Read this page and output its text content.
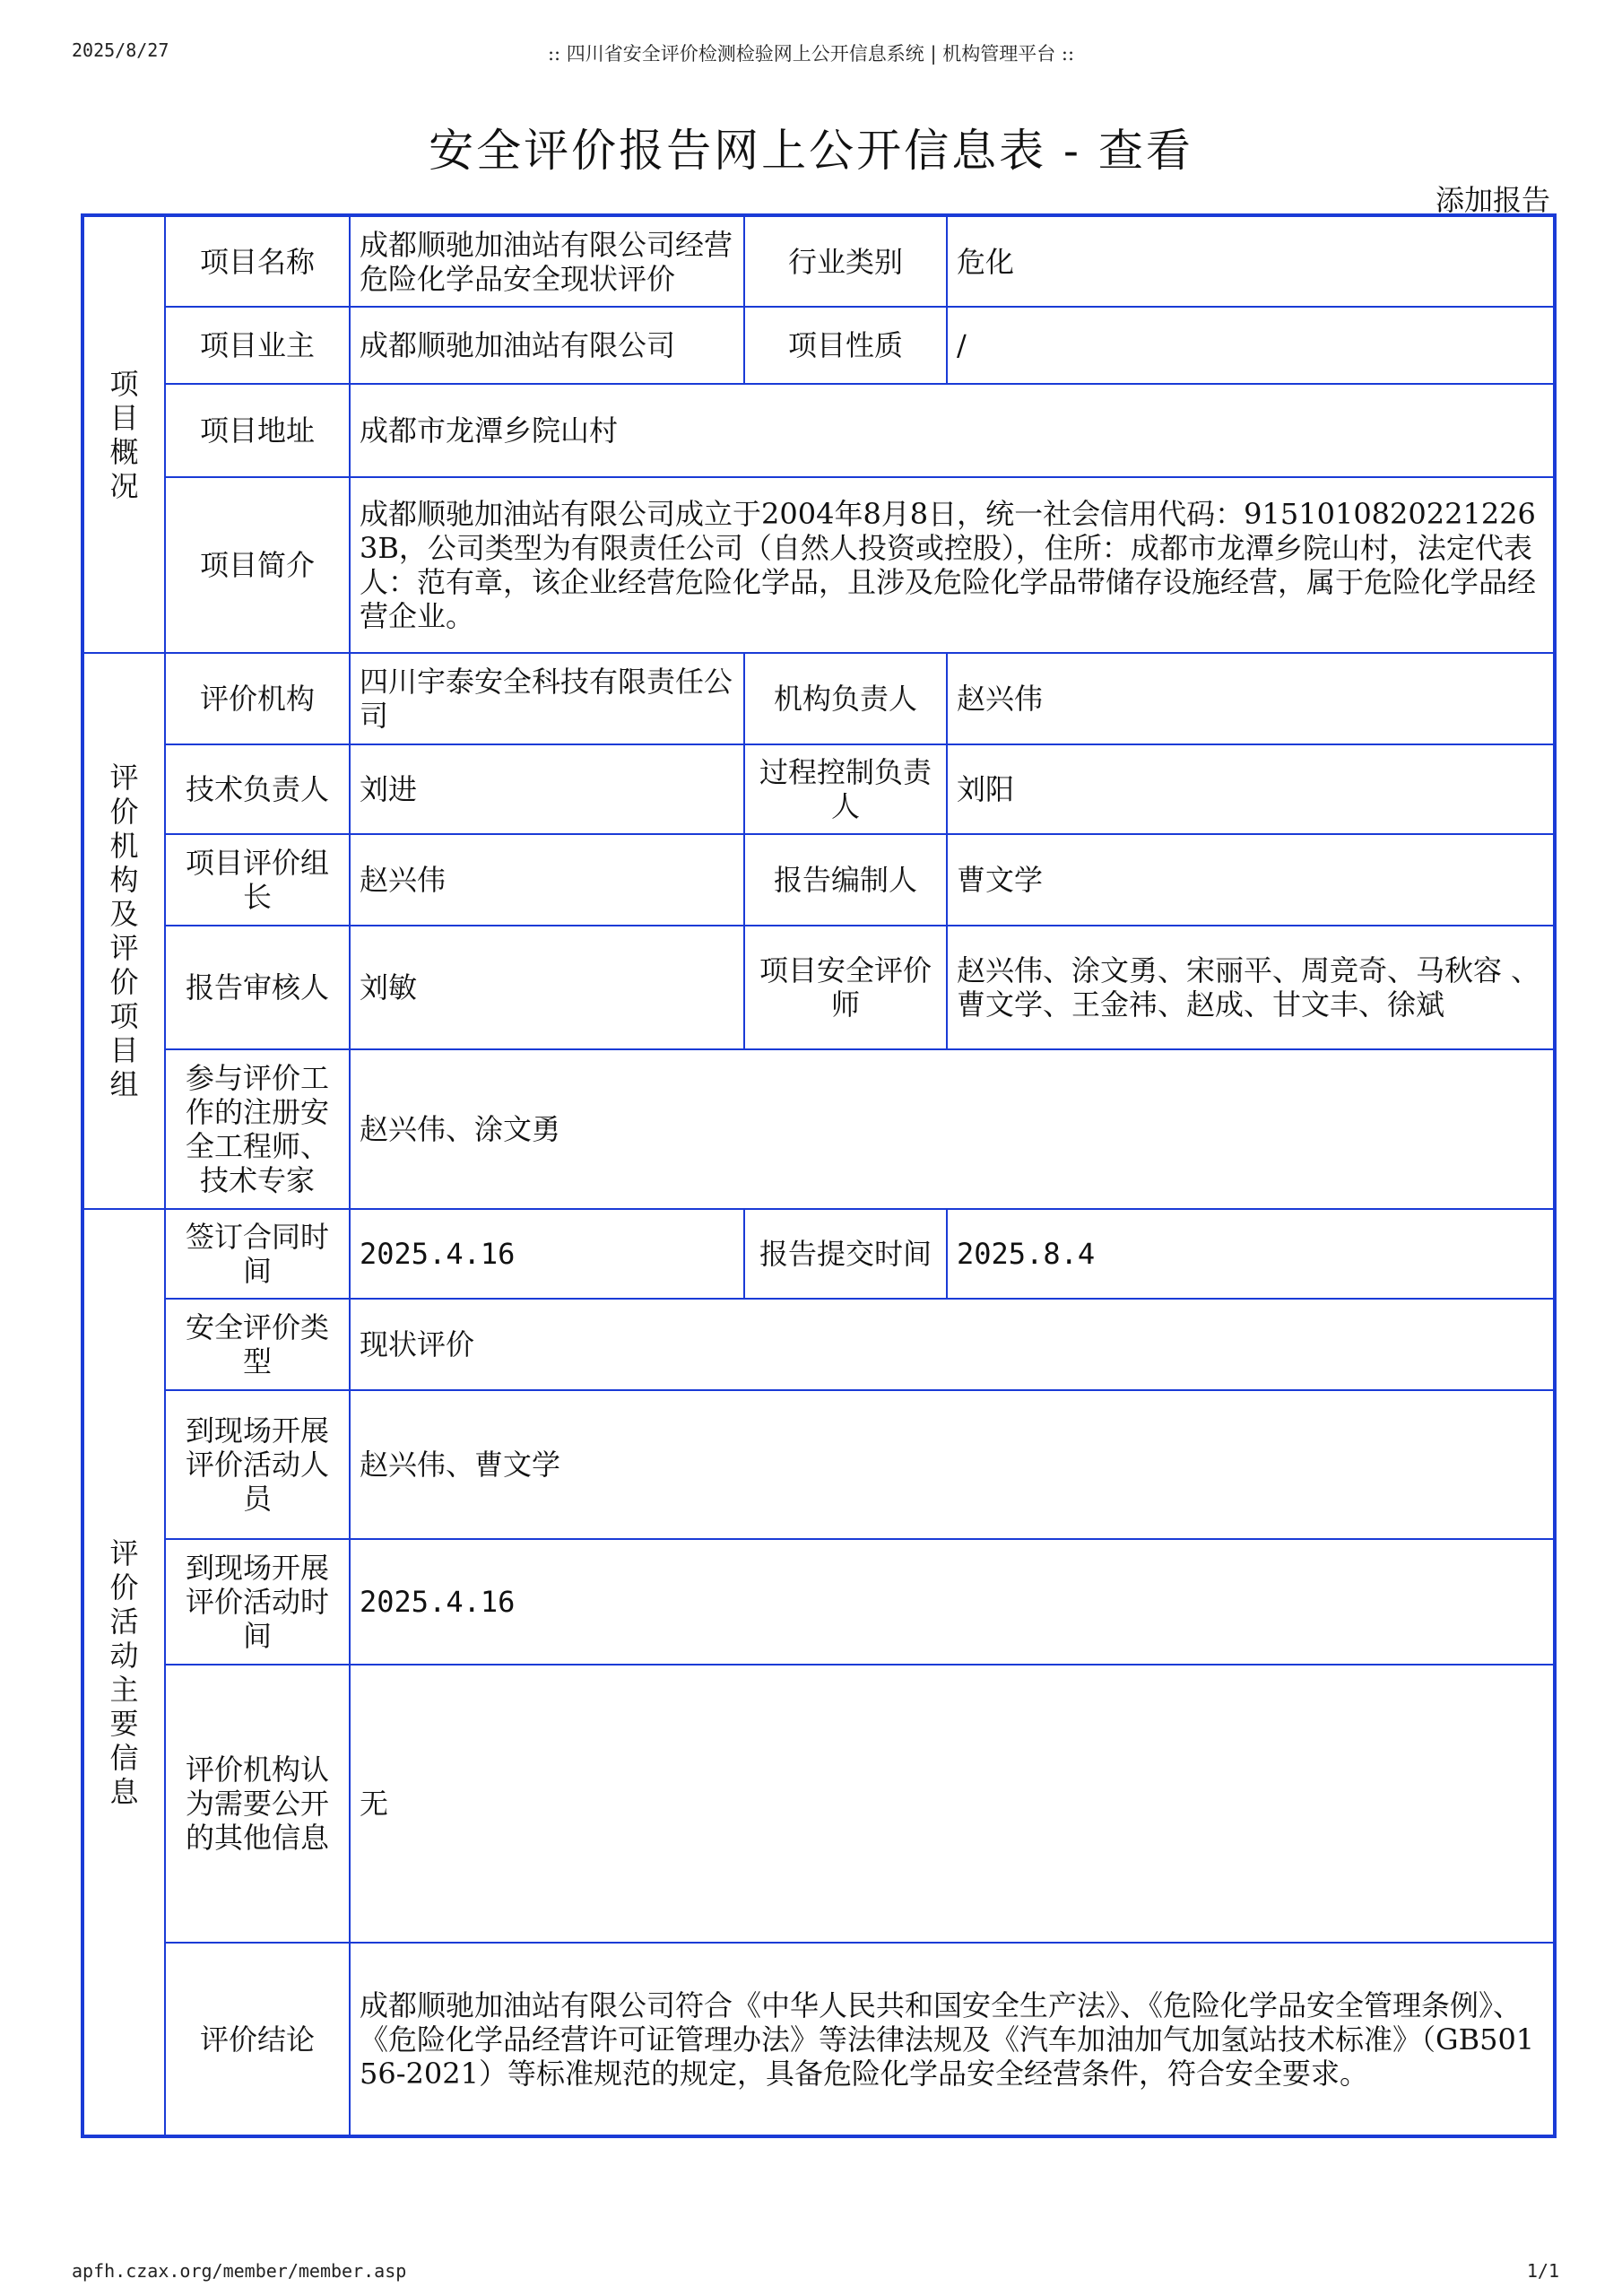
2025/8/27	:: 四川省安全评价检测检验网上公开信息系统 | 机构管理平台 ::
安全评价报告网上公开信息表 - 查看
添加报告
项目概况	项目名称	成都顺驰加油站有限公司经营危险化学品安全现状评价	行业类别	危化
	项目业主	成都顺驰加油站有限公司	项目性质	/
	项目地址	成都市龙潭乡院山村		
	项目简介	成都顺驰加油站有限公司成立于2004年8月8日，统一社会信用代码：915101082022122​63B，公司类型为有限责任公司（自然人投资或控股），住所：成都市龙潭乡院山村，法定代表人：范有章，该企业经营危险化学品，且涉及危险化学品带储存设施经营，属于危险化学品经营企业。		
评价机构及评价项目组	评价机构	四川宇泰安全科技有限责任公司	机构负责人	赵兴伟
	技术负责人	刘进	过程控制负责人	刘阳
	项目评价组长	赵兴伟	报告编制人	曹文学
	报告审核人	刘敏	项目安全评价师	赵兴伟、涂文勇、宋丽平、周竞奇、马秋容 、曹文学、王金祎、赵成、甘文丰、徐斌
	参与评价工作的注册安全工程师、技术专家	赵兴伟、涂文勇		
评价活动主要信息	签订合同时间	2025.4.16	报告提交时间	2025.8.4
	安全评价类型	现状评价		
	到现场开展评价活动人员	赵兴伟、曹文学		
	到现场开展评价活动时间	2025.4.16		
	评价机构认为需要公开的其他信息	无		
	评价结论	成都顺驰加油站有限公司符合《中华人民共和国安全生产法》、《危险化学品安全管理条例》、《危险化学品经营许可证管理办法》等法律法规及《汽车加油加气加氢站技术标准》（GB50156-2021）等标准规范的规定，具备危险化学品安全经营条件，符合安全要求。		
apfh.czax.org/member/member.asp	1/1
